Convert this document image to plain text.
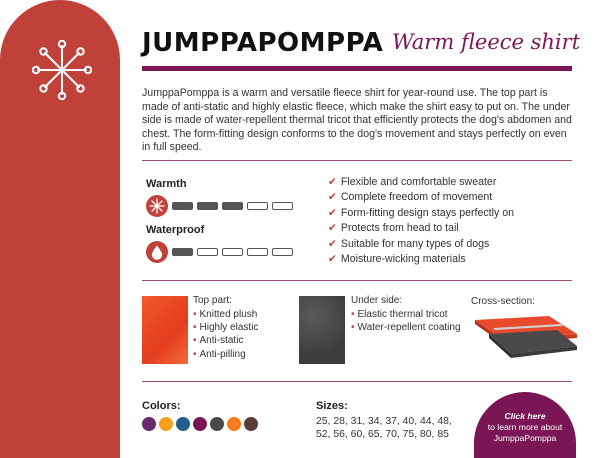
JUMPPAPOMPPA Warm fleece shirt

JumppaPomppa is a warm and versatile fleece shirt for year-round use. The top part is made of anti-static and highly elastic fleece, which make the shirt easy to put on. The under side is made of water-repellent thermal tricot that efficiently protects the dog's abdomen and chest. The form-fitting design conforms to the dog's movement and stays perfectly on even in full speed.

Warmth
Waterproof
✔ Flexible and comfortable sweater
✔ Complete freedom of movement
✔ Form-fitting design stays perfectly on
✔ Protects from head to tail
✔ Suitable for many types of dogs
✔ Moisture-wicking materials
Top part:
• Knitted plush
• Highly elastic
• Anti-static
• Anti-pilling
Under side:
• Elastic thermal tricot
• Water-repellent coating
Cross-section:
Colors:	Sizes:
25, 28, 31, 34, 37, 40, 44, 48,
52, 56, 60, 65, 70, 75, 80, 85
Click here
to learn more about
JumppaPomppa
